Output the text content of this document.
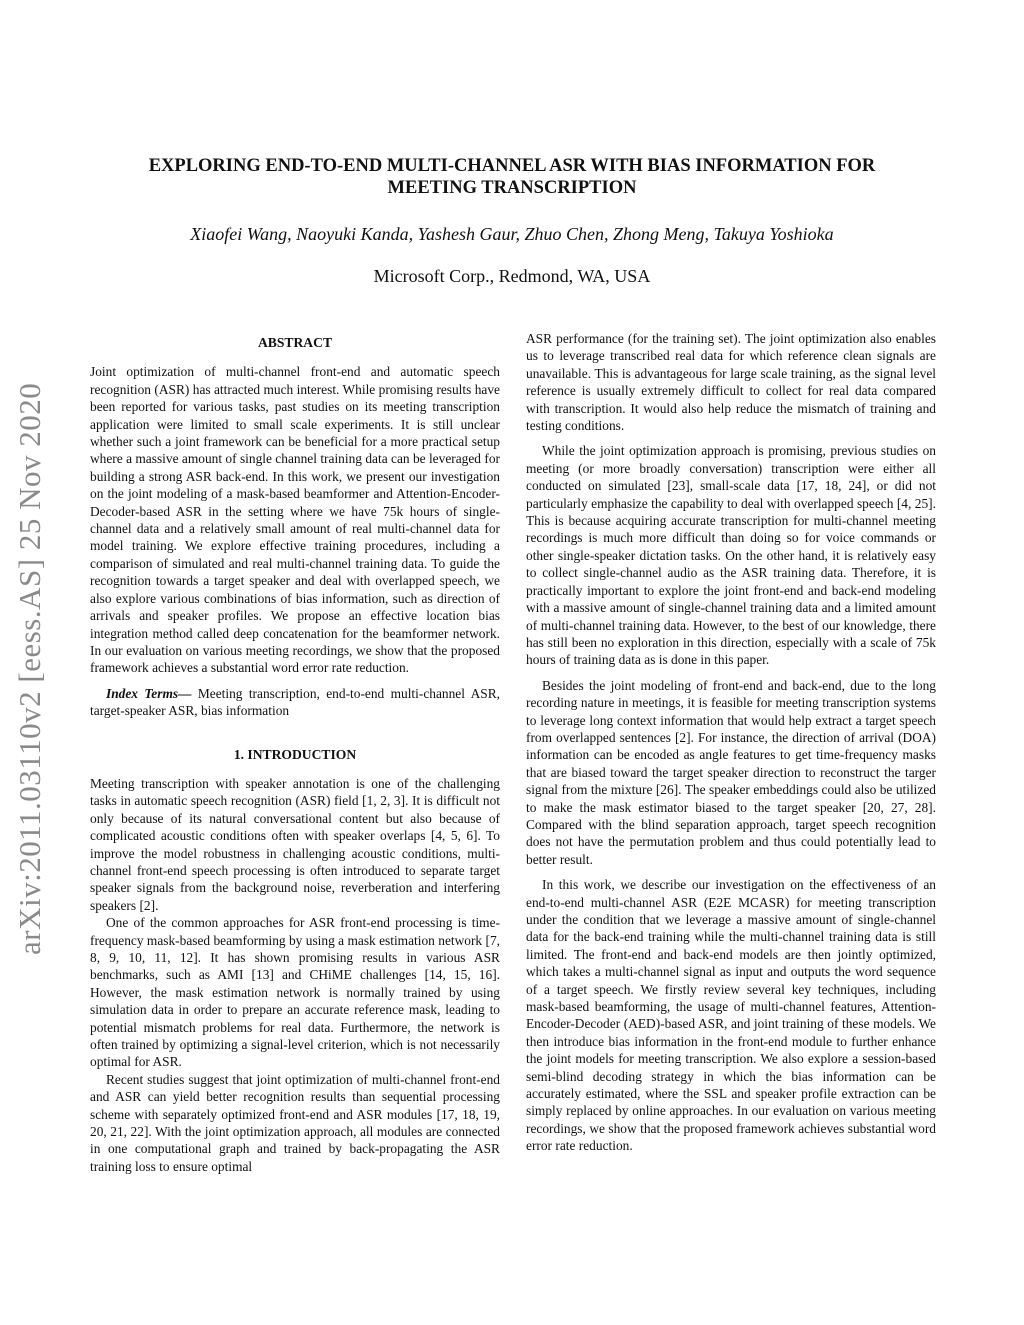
EXPLORING END-TO-END MULTI-CHANNEL ASR WITH BIAS INFORMATION FOR
MEETING TRANSCRIPTION
Xiaofei Wang, Naoyuki Kanda, Yashesh Gaur, Zhuo Chen, Zhong Meng, Takuya Yoshioka
Microsoft Corp., Redmond, WA, USA
arXiv:2011.03110v2 [eess.AS] 25 Nov 2020
ABSTRACT

Joint optimization of multi-channel front-end and automatic speech recognition (ASR) has attracted much interest. While promising results have been reported for various tasks, past studies on its meeting transcription application were limited to small scale experiments. It is still unclear whether such a joint framework can be beneficial for a more practical setup where a massive amount of single channel training data can be leveraged for building a strong ASR back-end. In this work, we present our investigation on the joint modeling of a mask-based beamformer and Attention-Encoder-Decoder-based ASR in the setting where we have 75k hours of single-channel data and a relatively small amount of real multi-channel data for model training. We explore effective training procedures, including a comparison of simulated and real multi-channel training data. To guide the recognition towards a target speaker and deal with overlapped speech, we also explore various combinations of bias information, such as direction of arrivals and speaker profiles. We propose an effective location bias integration method called deep concatenation for the beamformer network. In our evaluation on various meeting recordings, we show that the proposed framework achieves a substantial word error rate reduction.

Index Terms— Meeting transcription, end-to-end multi-channel ASR, target-speaker ASR, bias information

1. INTRODUCTION

Meeting transcription with speaker annotation is one of the challenging tasks in automatic speech recognition (ASR) field [1, 2, 3]. It is difficult not only because of its natural conversational content but also because of complicated acoustic conditions often with speaker overlaps [4, 5, 6]. To improve the model robustness in challenging acoustic conditions, multi-channel front-end speech processing is often introduced to separate target speaker signals from the background noise, reverberation and interfering speakers [2].

One of the common approaches for ASR front-end processing is time-frequency mask-based beamforming by using a mask estimation network [7, 8, 9, 10, 11, 12]. It has shown promising results in various ASR benchmarks, such as AMI [13] and CHiME challenges [14, 15, 16]. However, the mask estimation network is normally trained by using simulation data in order to prepare an accurate reference mask, leading to potential mismatch problems for real data. Furthermore, the network is often trained by optimizing a signal-level criterion, which is not necessarily optimal for ASR.

Recent studies suggest that joint optimization of multi-channel front-end and ASR can yield better recognition results than sequential processing scheme with separately optimized front-end and ASR modules [17, 18, 19, 20, 21, 22]. With the joint optimization approach, all modules are connected in one computational graph and trained by back-propagating the ASR training loss to ensure optimal

ASR performance (for the training set). The joint optimization also enables us to leverage transcribed real data for which reference clean signals are unavailable. This is advantageous for large scale training, as the signal level reference is usually extremely difficult to collect for real data compared with transcription. It would also help reduce the mismatch of training and testing conditions.

While the joint optimization approach is promising, previous studies on meeting (or more broadly conversation) transcription were either all conducted on simulated [23], small-scale data [17, 18, 24], or did not particularly emphasize the capability to deal with overlapped speech [4, 25]. This is because acquiring accurate transcription for multi-channel meeting recordings is much more difficult than doing so for voice commands or other single-speaker dictation tasks. On the other hand, it is relatively easy to collect single-channel audio as the ASR training data. Therefore, it is practically important to explore the joint front-end and back-end modeling with a massive amount of single-channel training data and a limited amount of multi-channel training data. However, to the best of our knowledge, there has still been no exploration in this direction, especially with a scale of 75k hours of training data as is done in this paper.

Besides the joint modeling of front-end and back-end, due to the long recording nature in meetings, it is feasible for meeting transcription systems to leverage long context information that would help extract a target speech from overlapped sentences [2]. For instance, the direction of arrival (DOA) information can be encoded as angle features to get time-frequency masks that are biased toward the target speaker direction to reconstruct the targer signal from the mixture [26]. The speaker embeddings could also be utilized to make the mask estimator biased to the target speaker [20, 27, 28]. Compared with the blind separation approach, target speech recognition does not have the permutation problem and thus could potentially lead to better result.

In this work, we describe our investigation on the effectiveness of an end-to-end multi-channel ASR (E2E MCASR) for meeting transcription under the condition that we leverage a massive amount of single-channel data for the back-end training while the multi-channel training data is still limited. The front-end and back-end models are then jointly optimized, which takes a multi-channel signal as input and outputs the word sequence of a target speech. We firstly review several key techniques, including mask-based beamforming, the usage of multi-channel features, Attention-Encoder-Decoder (AED)-based ASR, and joint training of these models. We then introduce bias information in the front-end module to further enhance the joint models for meeting transcription. We also explore a session-based semi-blind decoding strategy in which the bias information can be accurately estimated, where the SSL and speaker profile extraction can be simply replaced by online approaches. In our evaluation on various meeting recordings, we show that the proposed framework achieves substantial word error rate reduction.
